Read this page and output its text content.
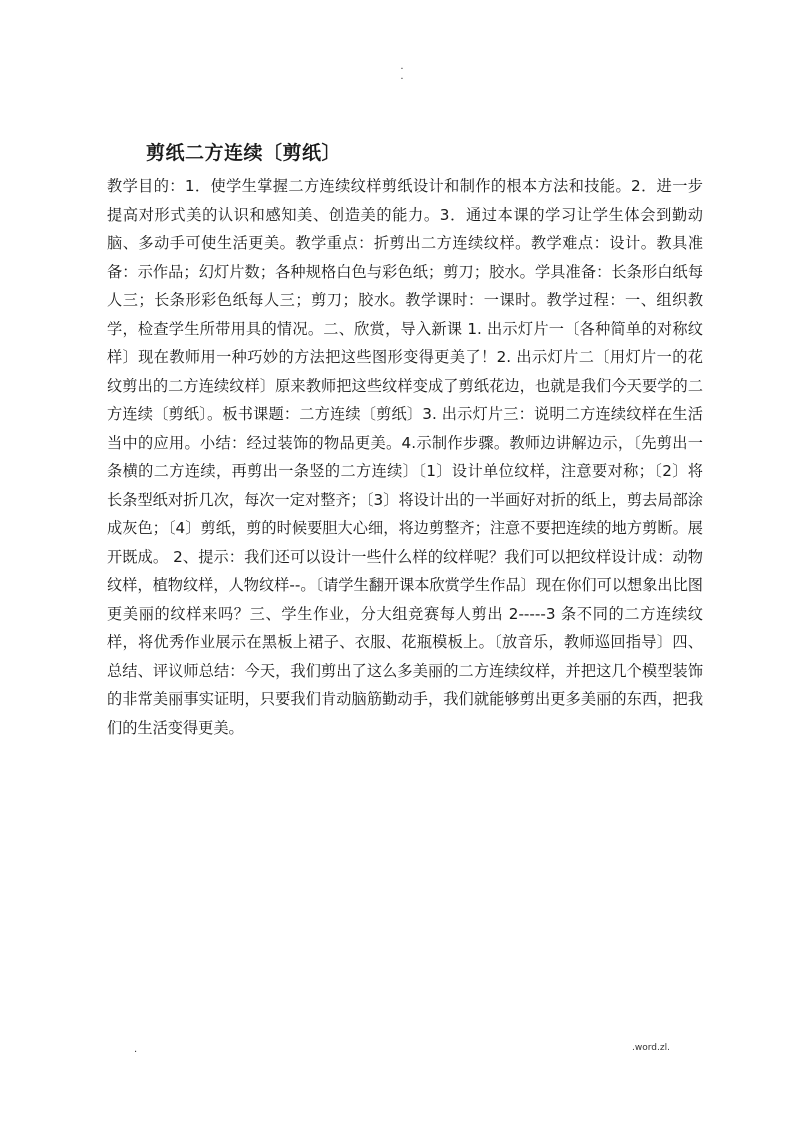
.
.
剪纸二方连续〔剪纸〕

教学目的：1．使学生掌握二方连续纹样剪纸设计和制作的根本方法和技能。2．进一步提高对形式美的认识和感知美、创造美的能力。3．通过本课的学习让学生体会到勤动脑、多动手可使生活更美。教学重点：折剪出二方连续纹样。教学难点：设计。教具准备：示作品；幻灯片数；各种规格白色与彩色纸；剪刀；胶水。学具准备：长条形白纸每人三；长条形彩色纸每人三；剪刀；胶水。教学课时：一课时。教学过程：一、组织教学，检查学生所带用具的情况。二、欣赏，导入新课 1. 出示灯片一〔各种简单的对称纹样〕现在教师用一种巧妙的方法把这些图形变得更美了！2. 出示灯片二〔用灯片一的花纹剪出的二方连续纹样〕原来教师把这些纹样变成了剪纸花边，也就是我们今天要学的二方连续〔剪纸〕。板书课题：二方连续〔剪纸〕3. 出示灯片三：说明二方连续纹样在生活当中的应用。小结：经过装饰的物品更美。4.示制作步骤。教师边讲解边示，〔先剪出一条横的二方连续，再剪出一条竖的二方连续〕〔1〕设计单位纹样，注意要对称；〔2〕将长条型纸对折几次，每次一定对整齐；〔3〕将设计出的一半画好对折的纸上，剪去局部涂成灰色；〔4〕剪纸，剪的时候要胆大心细，将边剪整齐；注意不要把连续的地方剪断。展开既成。 2、提示：我们还可以设计一些什么样的纹样呢？我们可以把纹样设计成：动物纹样，植物纹样，人物纹样--。〔请学生翻开课本欣赏学生作品〕现在你们可以想象出比图更美丽的纹样来吗？三、学生作业，分大组竞赛每人剪出 2-----3 条不同的二方连续纹样，将优秀作业展示在黑板上裙子、衣服、花瓶模板上。〔放音乐，教师巡回指导〕四、总结、评议师总结：今天，我们剪出了这么多美丽的二方连续纹样，并把这几个模型装饰的非常美丽事实证明，只要我们肯动脑筋勤动手，我们就能够剪出更多美丽的东西，把我们的生活变得更美。

.	.word.zl.
